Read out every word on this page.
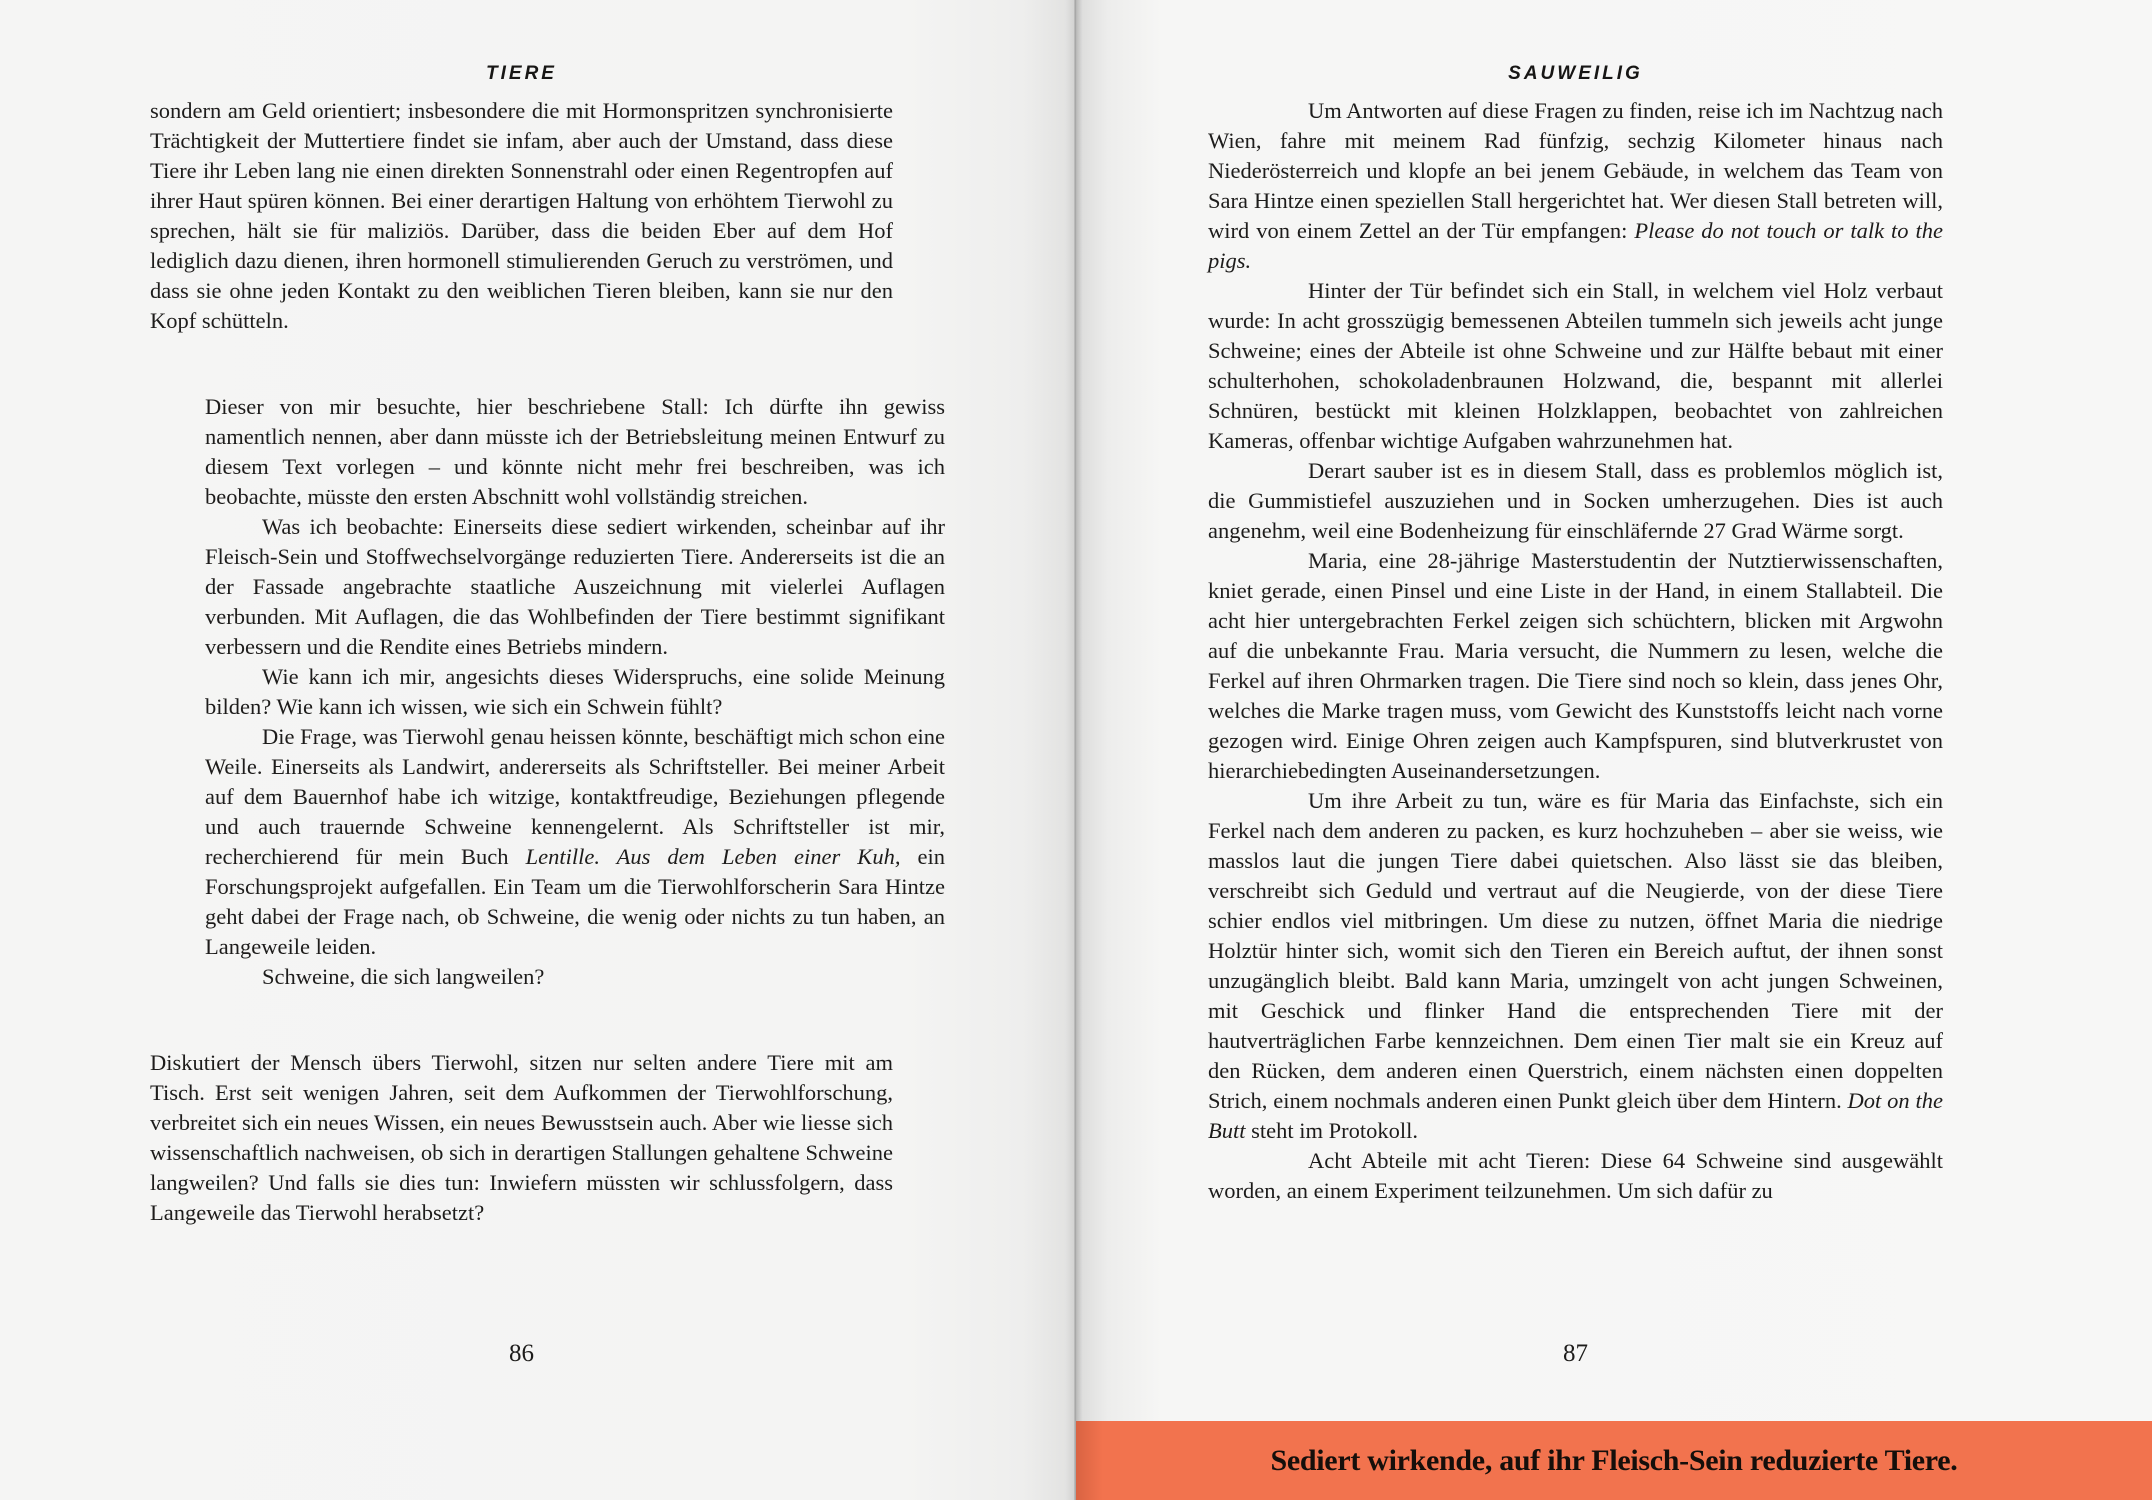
TIERE

sondern am Geld orientiert; insbesondere die mit Hormonspritzen synchronisierte Trächtigkeit der Muttertiere findet sie infam, aber auch der Umstand, dass diese Tiere ihr Leben lang nie einen direkten Sonnenstrahl oder einen Regentropfen auf ihrer Haut spüren können. Bei einer derartigen Haltung von erhöhtem Tierwohl zu sprechen, hält sie für maliziös. Darüber, dass die beiden Eber auf dem Hof lediglich dazu dienen, ihren hormonell stimulierenden Geruch zu verströmen, und dass sie ohne jeden Kontakt zu den weiblichen Tieren bleiben, kann sie nur den Kopf schütteln.

Dieser von mir besuchte, hier beschriebene Stall: Ich dürfte ihn gewiss namentlich nennen, aber dann müsste ich der Betriebsleitung meinen Entwurf zu diesem Text vorlegen – und könnte nicht mehr frei beschreiben, was ich beobachte, müsste den ersten Abschnitt wohl vollständig streichen.

Was ich beobachte: Einerseits diese sediert wirkenden, scheinbar auf ihr Fleisch-Sein und Stoffwechselvorgänge reduzierten Tiere. Andererseits ist die an der Fassade angebrachte staatliche Auszeichnung mit vielerlei Auflagen verbunden. Mit Auflagen, die das Wohlbefinden der Tiere bestimmt signifikant verbessern und die Rendite eines Betriebs mindern.

Wie kann ich mir, angesichts dieses Widerspruchs, eine solide Meinung bilden? Wie kann ich wissen, wie sich ein Schwein fühlt?

Die Frage, was Tierwohl genau heissen könnte, beschäftigt mich schon eine Weile. Einerseits als Landwirt, andererseits als Schriftsteller. Bei meiner Arbeit auf dem Bauernhof habe ich witzige, kontaktfreudige, Beziehungen pflegende und auch trauernde Schweine kennengelernt. Als Schriftsteller ist mir, recherchierend für mein Buch Lentille. Aus dem Leben einer Kuh, ein Forschungsprojekt aufgefallen. Ein Team um die Tierwohlforscherin Sara Hintze geht dabei der Frage nach, ob Schweine, die wenig oder nichts zu tun haben, an Langeweile leiden.

Schweine, die sich langweilen?

Diskutiert der Mensch übers Tierwohl, sitzen nur selten andere Tiere mit am Tisch. Erst seit wenigen Jahren, seit dem Aufkommen der Tierwohlforschung, verbreitet sich ein neues Wissen, ein neues Bewusstsein auch. Aber wie liesse sich wissenschaftlich nachweisen, ob sich in derartigen Stallungen gehaltene Schweine langweilen? Und falls sie dies tun: Inwiefern müssten wir schlussfolgern, dass Langeweile das Tierwohl herabsetzt?

86
SAUWEILIG

Um Antworten auf diese Fragen zu finden, reise ich im Nachtzug nach Wien, fahre mit meinem Rad fünfzig, sechzig Kilometer hinaus nach Niederösterreich und klopfe an bei jenem Gebäude, in welchem das Team von Sara Hintze einen speziellen Stall hergerichtet hat. Wer diesen Stall betreten will, wird von einem Zettel an der Tür empfangen: Please do not touch or talk to the pigs.

Hinter der Tür befindet sich ein Stall, in welchem viel Holz verbaut wurde: In acht grosszügig bemessenen Abteilen tummeln sich jeweils acht junge Schweine; eines der Abteile ist ohne Schweine und zur Hälfte bebaut mit einer schulterhohen, schokoladenbraunen Holzwand, die, bespannt mit allerlei Schnüren, bestückt mit kleinen Holzklappen, beobachtet von zahlreichen Kameras, offenbar wichtige Aufgaben wahrzunehmen hat.

Derart sauber ist es in diesem Stall, dass es problemlos möglich ist, die Gummistiefel auszuziehen und in Socken umherzugehen. Dies ist auch angenehm, weil eine Bodenheizung für einschläfernde 27 Grad Wärme sorgt.

Maria, eine 28-jährige Masterstudentin der Nutztierwissenschaften, kniet gerade, einen Pinsel und eine Liste in der Hand, in einem Stallabteil. Die acht hier untergebrachten Ferkel zeigen sich schüchtern, blicken mit Argwohn auf die unbekannte Frau. Maria versucht, die Nummern zu lesen, welche die Ferkel auf ihren Ohrmarken tragen. Die Tiere sind noch so klein, dass jenes Ohr, welches die Marke tragen muss, vom Gewicht des Kunststoffs leicht nach vorne gezogen wird. Einige Ohren zeigen auch Kampfspuren, sind blutverkrustet von hierarchiebedingten Auseinandersetzungen.

Um ihre Arbeit zu tun, wäre es für Maria das Einfachste, sich ein Ferkel nach dem anderen zu packen, es kurz hochzuheben – aber sie weiss, wie masslos laut die jungen Tiere dabei quietschen. Also lässt sie das bleiben, verschreibt sich Geduld und vertraut auf die Neugierde, von der diese Tiere schier endlos viel mitbringen. Um diese zu nutzen, öffnet Maria die niedrige Holztür hinter sich, womit sich den Tieren ein Bereich auftut, der ihnen sonst unzugänglich bleibt. Bald kann Maria, umzingelt von acht jungen Schweinen, mit Geschick und flinker Hand die entsprechenden Tiere mit der hautverträglichen Farbe kennzeichnen. Dem einen Tier malt sie ein Kreuz auf den Rücken, dem anderen einen Querstrich, einem nächsten einen doppelten Strich, einem nochmals anderen einen Punkt gleich über dem Hintern. Dot on the Butt steht im Protokoll.

Acht Abteile mit acht Tieren: Diese 64 Schweine sind ausgewählt worden, an einem Experiment teilzunehmen. Um sich dafür zu

87
Sediert wirkende, auf ihr Fleisch-Sein reduzierte Tiere.
